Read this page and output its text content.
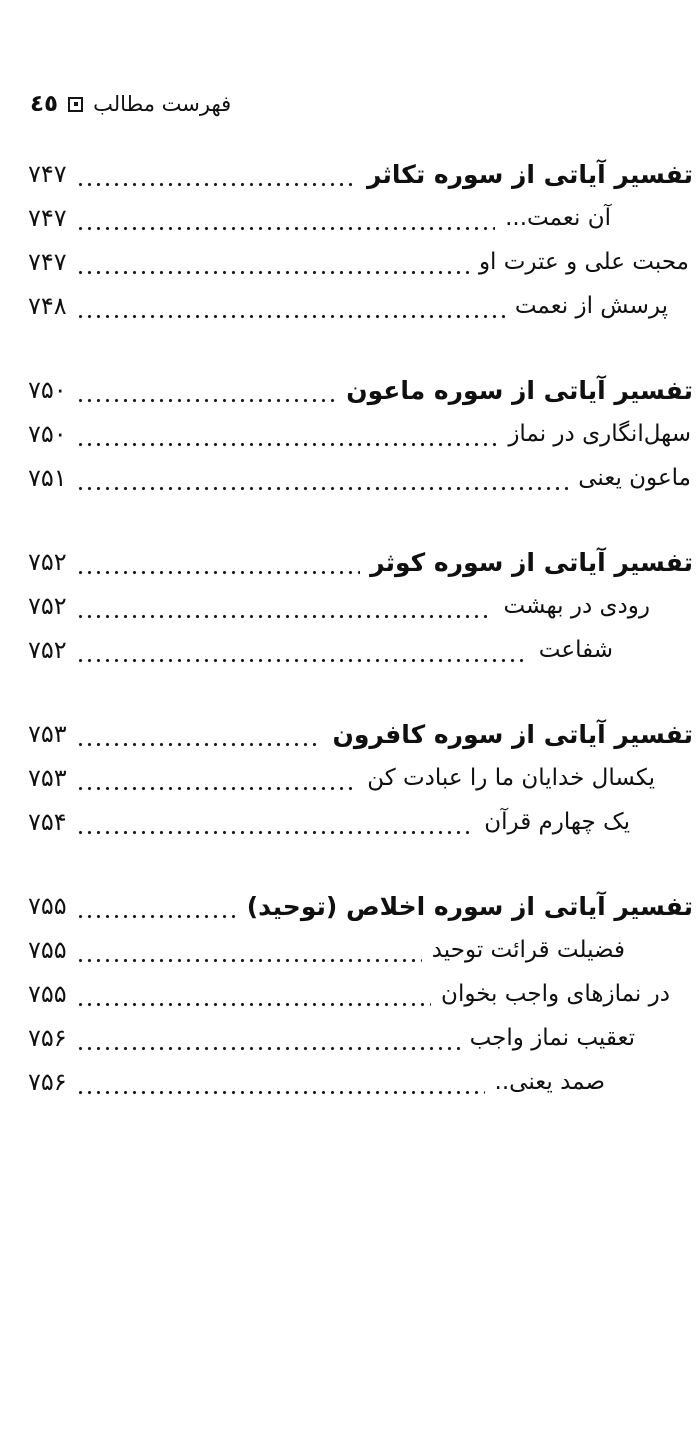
٤٥ فهرست مطالب
تفسیر آیاتی از سوره تکاثر
۷۴۷
آن نعمت...
۷۴۷
محبت علی و عترت او
۷۴۷
پرسش از نعمت
۷۴۸
تفسیر آیاتی از سوره ماعون
۷۵۰
سهل‌انگاری در نماز
۷۵۰
ماعون یعنی
۷۵۱
تفسیر آیاتی از سوره کوثر
۷۵۲
رودی در بهشت
۷۵۲
شفاعت
۷۵۲
تفسیر آیاتی از سوره کافرون
۷۵۳
یکسال خدایان ما را عبادت کن
۷۵۳
یک چهارم قرآن
۷۵۴
تفسیر آیاتی از سوره اخلاص (توحید)
۷۵۵
فضیلت قرائت توحید
۷۵۵
در نمازهای واجب بخوان
۷۵۵
تعقیب نماز واجب
۷۵۶
صمد یعنی..
۷۵۶
